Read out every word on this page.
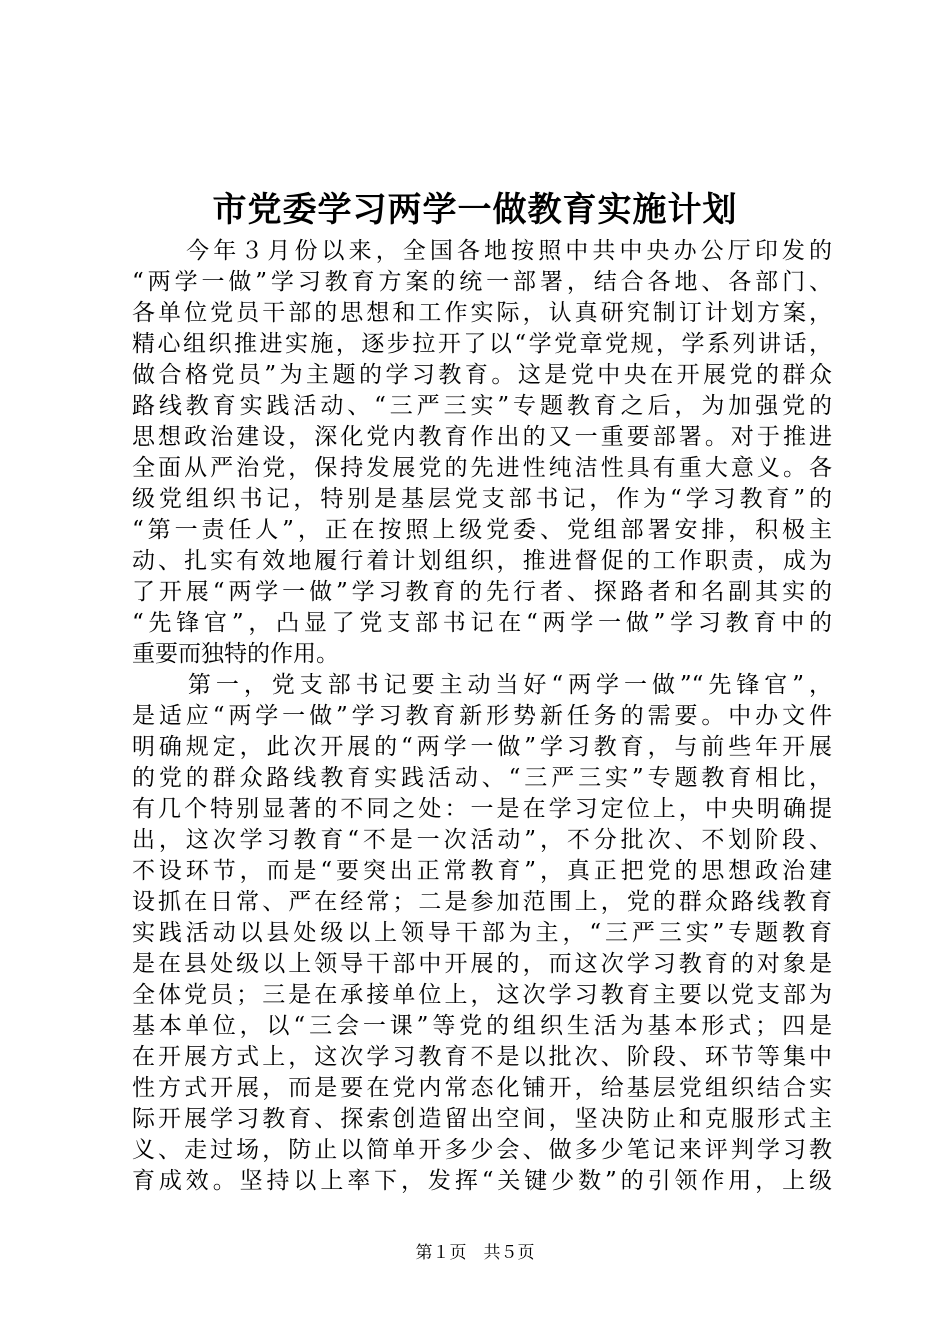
市党委学习两学一做教育实施计划
　　今年３月份以来，全国各地按照中共中央办公厅印发的
“两学一做”学习教育方案的统一部署，结合各地、各部门、
各单位党员干部的思想和工作实际，认真研究制订计划方案，
精心组织推进实施，逐步拉开了以“学党章党规，学系列讲话，
做合格党员”为主题的学习教育。这是党中央在开展党的群众
路线教育实践活动、“三严三实”专题教育之后，为加强党的
思想政治建设，深化党内教育作出的又一重要部署。对于推进
全面从严治党，保持发展党的先进性纯洁性具有重大意义。各
级党组织书记，特别是基层党支部书记，作为“学习教育”的
“第一责任人”，正在按照上级党委、党组部署安排，积极主
动、扎实有效地履行着计划组织，推进督促的工作职责，成为
了开展“两学一做”学习教育的先行者、探路者和名副其实的
“先锋官”，凸显了党支部书记在“两学一做”学习教育中的
重要而独特的作用。
　　第一，党支部书记要主动当好“两学一做”“先锋官”，
是适应“两学一做”学习教育新形势新任务的需要。中办文件
明确规定，此次开展的“两学一做”学习教育，与前些年开展
的党的群众路线教育实践活动、“三严三实”专题教育相比，
有几个特别显著的不同之处：一是在学习定位上，中央明确提
出，这次学习教育“不是一次活动”，不分批次、不划阶段、
不设环节，而是“要突出正常教育”，真正把党的思想政治建
设抓在日常、严在经常；二是参加范围上，党的群众路线教育
实践活动以县处级以上领导干部为主，“三严三实”专题教育
是在县处级以上领导干部中开展的，而这次学习教育的对象是
全体党员；三是在承接单位上，这次学习教育主要以党支部为
基本单位，以“三会一课”等党的组织生活为基本形式；四是
在开展方式上，这次学习教育不是以批次、阶段、环节等集中
性方式开展，而是要在党内常态化铺开，给基层党组织结合实
际开展学习教育、探索创造留出空间，坚决防止和克服形式主
义、走过场，防止以简单开多少会、做多少笔记来评判学习教
育成效。坚持以上率下，发挥“关键少数”的引领作用，上级
第１页　共５页
